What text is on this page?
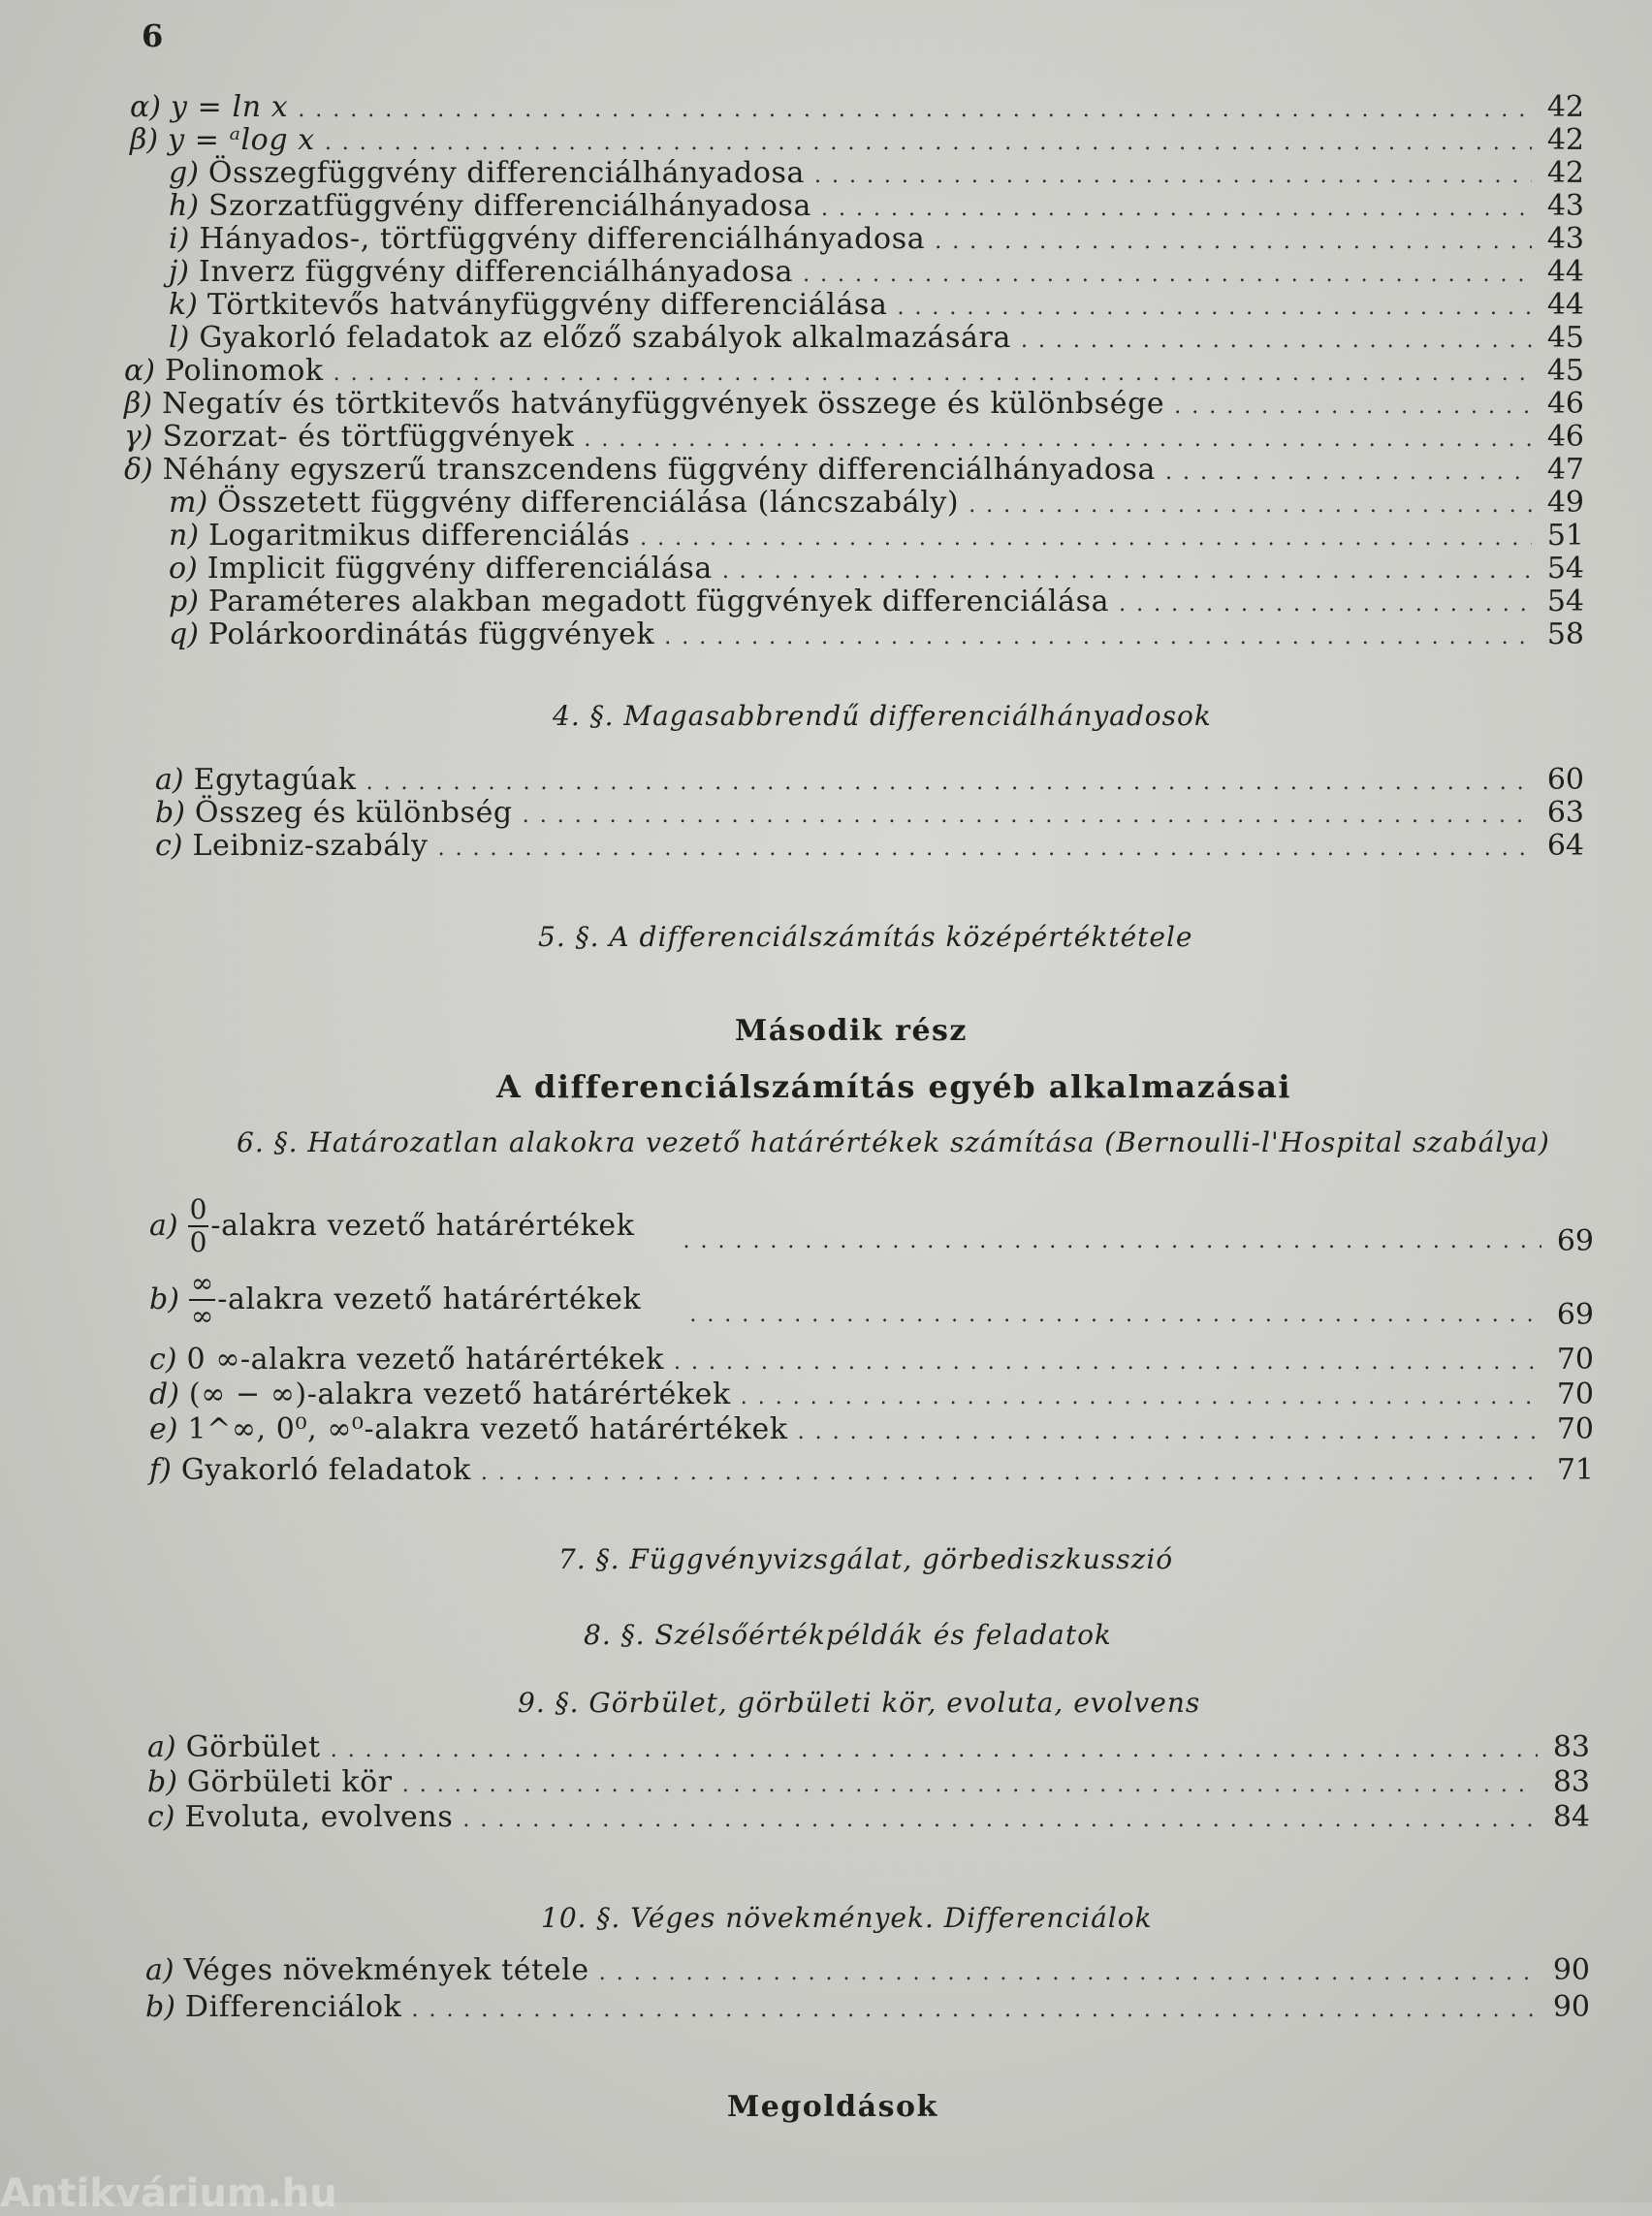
6
α) y = ln x . . .	42
β) y = ᵃlog x . . .	42
g) Összegfüggvény differenciálhányadosa . . .	42
h) Szorzatfüggvény differenciálhányadosa . . .	43
i) Hányados-, törtfüggvény differenciálhányadosa . . .	43
j) Inverz függvény differenciálhányadosa . . .	44
k) Törtkitevős hatványfüggvény differenciálása . . .	44
l) Gyakorló feladatok az előző szabályok alkalmazására . . .	45
α) Polinomok . . .	45
β) Negatív és törtkitevős hatványfüggvények összege és különbsége . . .	46
γ) Szorzat- és törtfüggvények . . .	46
δ) Néhány egyszerű transzcendens függvény differenciálhányadosa . . .	47
m) Összetett függvény differenciálása (láncszabály) . . .	49
n) Logaritmikus differenciálás . . .	51
o) Implicit függvény differenciálása . . .	54
p) Paraméteres alakban megadott függvények differenciálása . . .	54
q) Polárkoordinátás függvények . . .	58
4. §. Magasabbrendű differenciálhányadosok
a) Egytagúak . . .	60
b) Összeg és különbség . . .	63
c) Leibniz-szabály . . .	64
5. §. A differenciálszámítás középértéktétele
Második rész
A differenciálszámítás egyéb alkalmazásai
6. §. Határozatlan alakokra vezető határértékek számítása (Bernoulli-l'Hospital szabálya)
$a) \frac{0}{0}$ -alakra vezető határértékek . . .	69
$b) \frac{\infty}{\infty}$ -alakra vezető határértékek . . .	69
c) 0 ∞-alakra vezető határértékek . . .	70
d) (∞ − ∞)-alakra vezető határértékek . . .	70
e) 1^∞, 0⁰, ∞⁰-alakra vezető határértékek . . .	70
f) Gyakorló feladatok . . .	71
7. §. Függvényvizsgálat, görbediszkusszió
8. §. Szélsőértékpéldák és feladatok
9. §. Görbület, görbületi kör, evoluta, evolvens
a) Görbület . . .	83
b) Görbületi kör . . .	83
c) Evoluta, evolvens . . .	84
10. §. Véges növekmények. Differenciálok
a) Véges növekmények tétele . . .	90
b) Differenciálok . . .	90
Megoldások
Antikvárium.hu
